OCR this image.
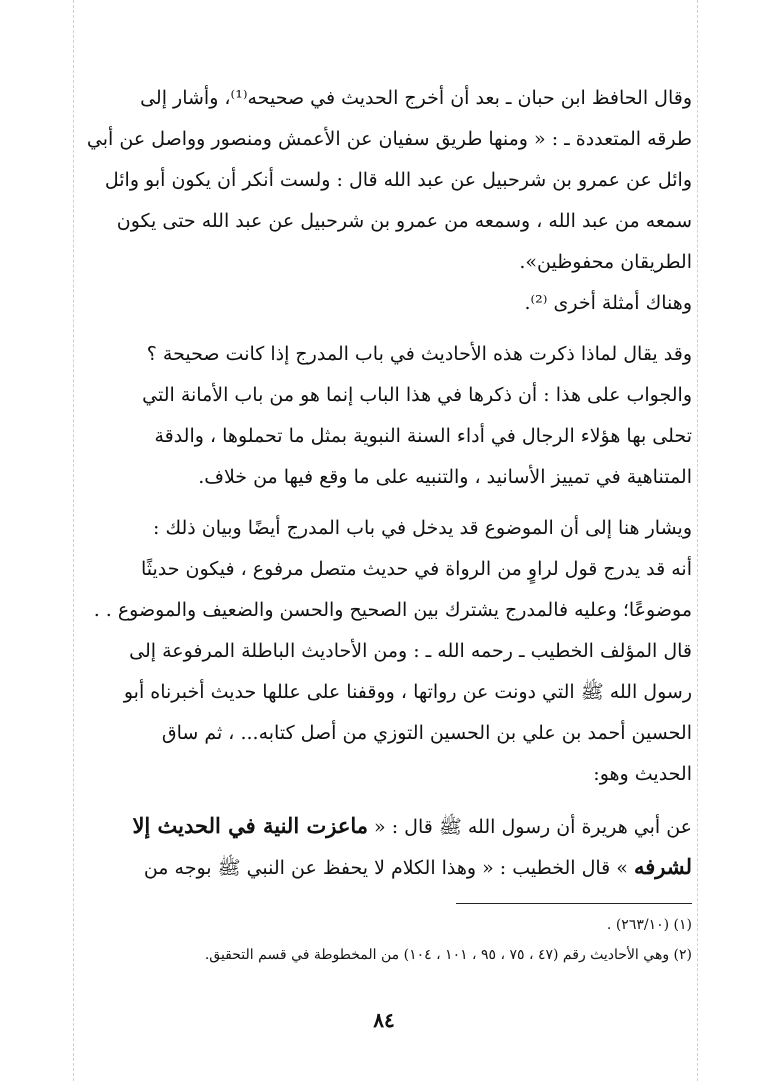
وقال الحافظ ابن حبان ـ بعد أن أخرج الحديث في صحيحه⁽¹⁾، وأشار إلى
طرقه المتعددة ـ : « ومنها طريق سفيان عن الأعمش ومنصور وواصل عن أبي
وائل عن عمرو بن شرحبيل عن عبد الله قال : ولست أنكر أن يكون أبو وائل
سمعه من عبد الله ، وسمعه من عمرو بن شرحبيل عن عبد الله حتى يكون
الطريقان محفوظين».
وهناك أمثلة أخرى ⁽²⁾.
وقد يقال لماذا ذكرت هذه الأحاديث في باب المدرج إذا كانت صحيحة ؟
والجواب على هذا : أن ذكرها في هذا الباب إنما هو من باب الأمانة التي
تحلى بها هؤلاء الرجال في أداء السنة النبوية بمثل ما تحملوها ، والدقة
المتناهية في تمييز الأسانيد ، والتنبيه على ما وقع فيها من خلاف.
ويشار هنا إلى أن الموضوع قد يدخل في باب المدرج أيضًا وبيان ذلك :
أنه قد يدرج قول لراوٍ من الرواة في حديث متصل مرفوع ، فيكون حديثًا
موضوعًا؛ وعليه فالمدرج يشترك بين الصحيح والحسن والضعيف والموضوع . .
قال المؤلف الخطيب ـ رحمه الله ـ : ومن الأحاديث الباطلة المرفوعة إلى
رسول الله ﷺ التي دونت عن رواتها ، ووقفنا على عللها حديث أخبرناه أبو
الحسين أحمد بن علي بن الحسين التوزي من أصل كتابه... ، ثم ساق
الحديث وهو:
عن أبي هريرة أن رسول الله ﷺ قال : « ماعزت النية في الحديث إلا
لشرفه » قال الخطيب : « وهذا الكلام لا يحفظ عن النبي ﷺ بوجه من
(١) (٢٦٣/١٠) .
(٢) وهي الأحاديث رقم (٤٧ ، ٧٥ ، ٩٥ ، ١٠١ ، ١٠٤) من المخطوطة في قسم التحقيق.
٨٤
